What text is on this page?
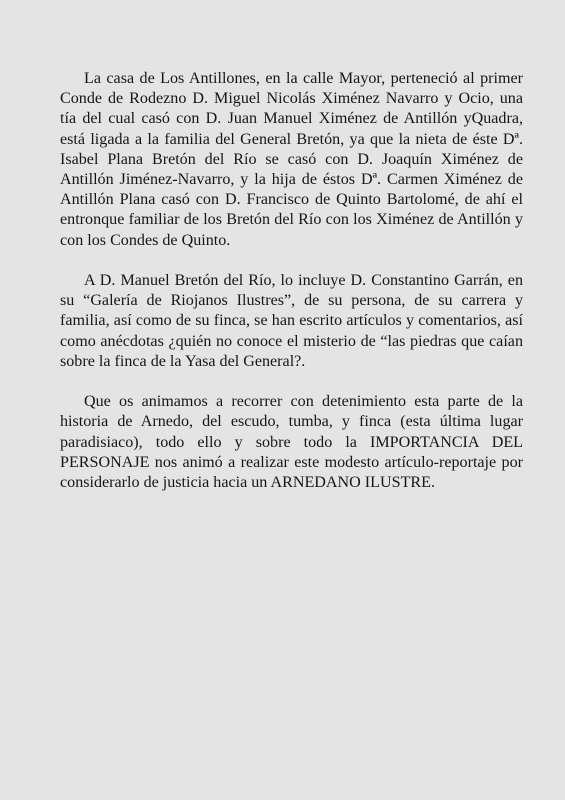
La casa de Los Antillones, en la calle Mayor, perteneció al primer Conde de Rodezno D. Miguel Nicolás Ximénez Navarro y Ocio, una tía del cual casó con D. Juan Manuel Ximénez de Antillón yQuadra, está ligada a la familia del General Bretón, ya que la nieta de éste Dª. Isabel Plana Bretón del Río se casó con D. Joaquín Ximénez de Antillón Jiménez-Navarro, y la hija de éstos Dª. Carmen Ximénez de Antillón Plana casó con D. Francisco de Quinto Bartolomé, de ahí el entronque familiar de los Bretón del Río con los Ximénez de Antillón y con los Condes de Quinto.

A D. Manuel Bretón del Río, lo incluye D. Constantino Garrán, en su “Galería de Riojanos Ilustres”, de su persona, de su carrera y familia, así como de su finca, se han escrito artículos y comentarios, así como anécdotas ¿quién no conoce el misterio de “las piedras que caían sobre la finca de la Yasa del General?.

Que os animamos a recorrer con detenimiento esta parte de la historia de Arnedo, del escudo, tumba, y finca (esta última lugar paradisiaco), todo ello y sobre todo la IMPORTANCIA DEL PERSONAJE nos animó a realizar este modesto artículo-reportaje por considerarlo de justicia hacia un ARNEDANO ILUSTRE.
